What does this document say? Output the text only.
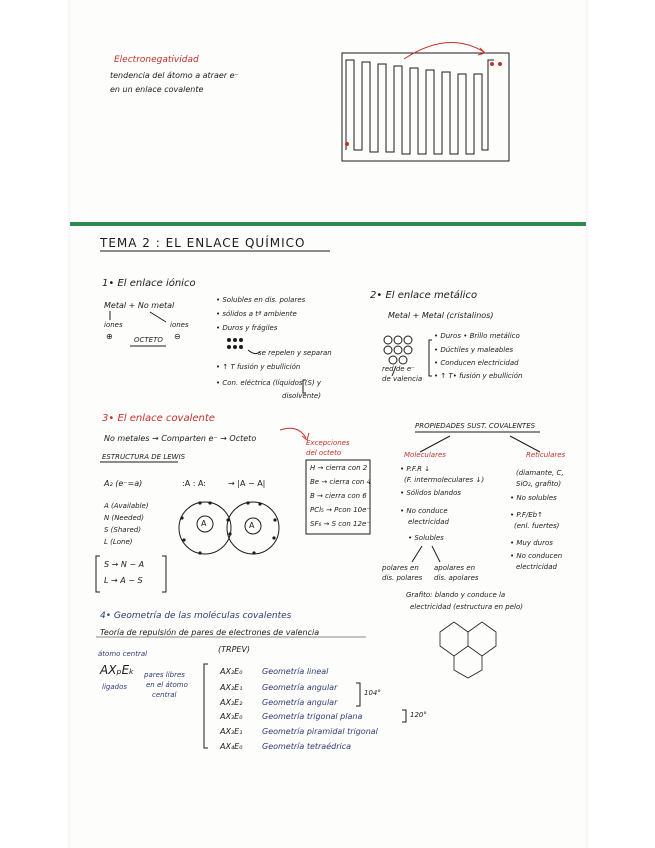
Electronegatividad
tendencia del átomo a atraer e⁻
en un enlace covalente
TEMA 2 : EL ENLACE QUÍMICO
1• El enlace iónico
Metal + No metal
iones	iones
⊕	OCTETO ⊖
• Solubles en dis. polares
• sólidos a tª ambiente
• Duros y frágiles
se repelen y separan
• ↑ T fusión y ebullición
• Con. eléctrica (líquidos (S) y
disolvente)
2• El enlace metálico
Metal + Metal (cristalinos)
• Duros • Brillo metálico
• Dúctiles y maleables
• Conducen electricidad
• ↑ T• fusión y ebullición
red de e⁻
de valencia
3• El enlace covalente
No metales → Comparten e⁻ → Octeto
ESTRUCTURA DE LEWIS
A₂ (e⁻=a)	:A : A:	→ |A − A|
A (Available)
N (Needed)
S (Shared)
L (Lone)
S → N − A
L → A − S
A	A
Excepciones
del octeto
H → cierra con 2
Be → cierra con 4
B → cierra con 6
PCl₅ → Pcon 10e⁻
SF₆ → S con 12e⁻
PROPIEDADES SUST. COVALENTES
Moleculares	Reticulares
• P.F.R ↓
(F. intermoleculares ↓)
• Sólidos blandos
• No conduce
electricidad
• Solubles
polares en
dis. polares
apolares en
dis. apolares
(diamante, C,
SiO₂, grafito)
• No solubles
• P.F/Eb↑
(enl. fuertes)
• Muy duros
• No conducen
electricidad
Grafito: blando y conduce la
electricidad (estructura en pelo)
4• Geometría de las moléculas covalentes
Teoría de repulsión de pares de electrones de valencia
(TRPEV)
átomo central
AXₚEₖ
ligados
pares libres
en el átomo
central
AX₂E₀ Geometría lineal
AX₂E₁ Geometría angular
AX₂E₂ Geometría angular
AX₃E₀ Geometría trigonal plana
AX₃E₁ Geometría piramidal trigonal
AX₄E₀ Geometría tetraédrica
104°
120°
